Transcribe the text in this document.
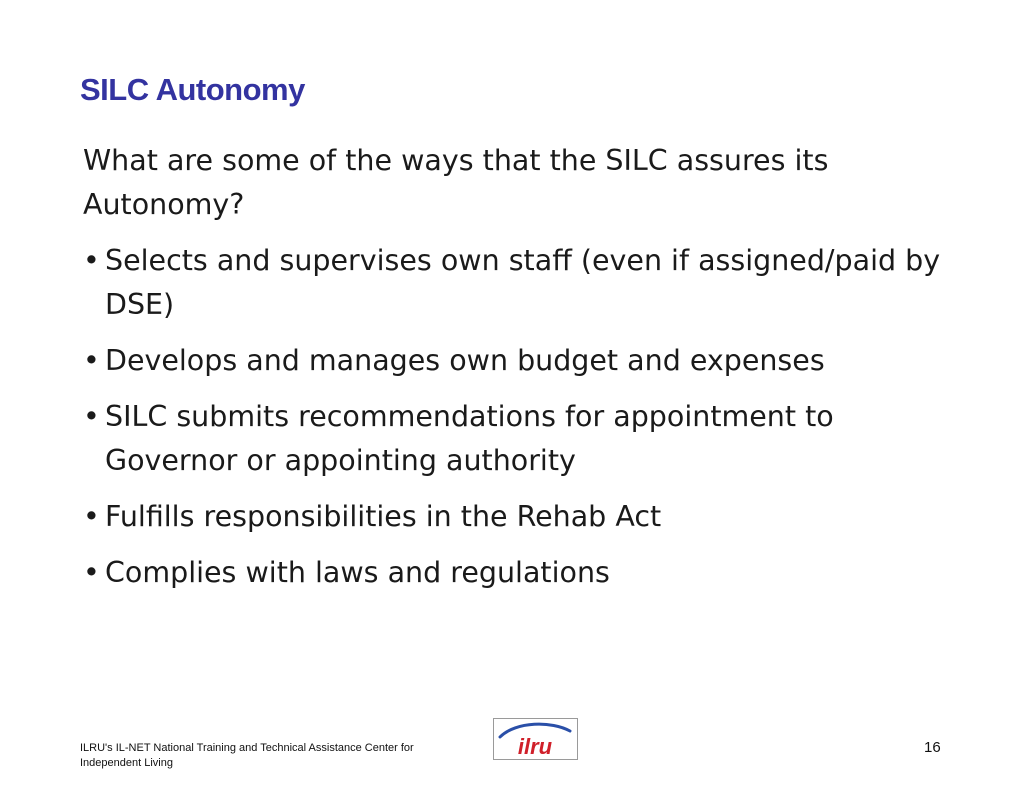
SILC Autonomy

What are some of the ways that the SILC assures its Autonomy?

• Selects and supervises own staff (even if assigned/paid by DSE)
• Develops and manages own budget and expenses
• SILC submits recommendations for appointment to Governor or appointing authority
• Fulfills responsibilities in the Rehab Act
• Complies with laws and regulations
ILRU's IL-NET National Training and Technical Assistance Center for Independent Living
ilru	16
